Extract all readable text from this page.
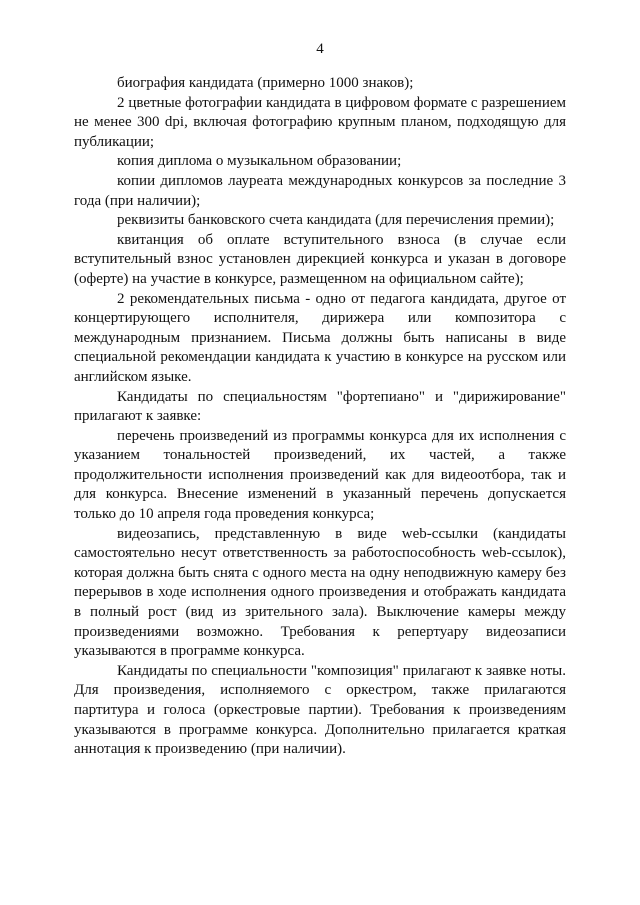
4

биография кандидата (примерно 1000 знаков);

2 цветные фотографии кандидата в цифровом формате с разрешением не менее 300 dpi, включая фотографию крупным планом, подходящую для публикации;

копия диплома о музыкальном образовании;

копии дипломов лауреата международных конкурсов за последние 3 года (при наличии);

реквизиты банковского счета кандидата (для перечисления премии);

квитанция об оплате вступительного взноса (в случае если вступительный взнос установлен дирекцией конкурса и указан в договоре (оферте) на участие в конкурсе, размещенном на официальном сайте);

2 рекомендательных письма - одно от педагога кандидата, другое от концертирующего исполнителя, дирижера или композитора с международным признанием. Письма должны быть написаны в виде специальной рекомендации кандидата к участию в конкурсе на русском или английском языке.

Кандидаты по специальностям "фортепиано" и "дирижирование" прилагают к заявке:

перечень произведений из программы конкурса для их исполнения с указанием тональностей произведений, их частей, а также продолжительности исполнения произведений как для видеоотбора, так и для конкурса. Внесение изменений в указанный перечень допускается только до 10 апреля года проведения конкурса;

видеозапись, представленную в виде web-ссылки (кандидаты самостоятельно несут ответственность за работоспособность web-ссылок), которая должна быть снята с одного места на одну неподвижную камеру без перерывов в ходе исполнения одного произведения и отображать кандидата в полный рост (вид из зрительного зала). Выключение камеры между произведениями возможно. Требования к репертуару видеозаписи указываются в программе конкурса.

Кандидаты по специальности "композиция" прилагают к заявке ноты. Для произведения, исполняемого с оркестром, также прилагаются партитура и голоса (оркестровые партии). Требования к произведениям указываются в программе конкурса. Дополнительно прилагается краткая аннотация к произведению (при наличии).
